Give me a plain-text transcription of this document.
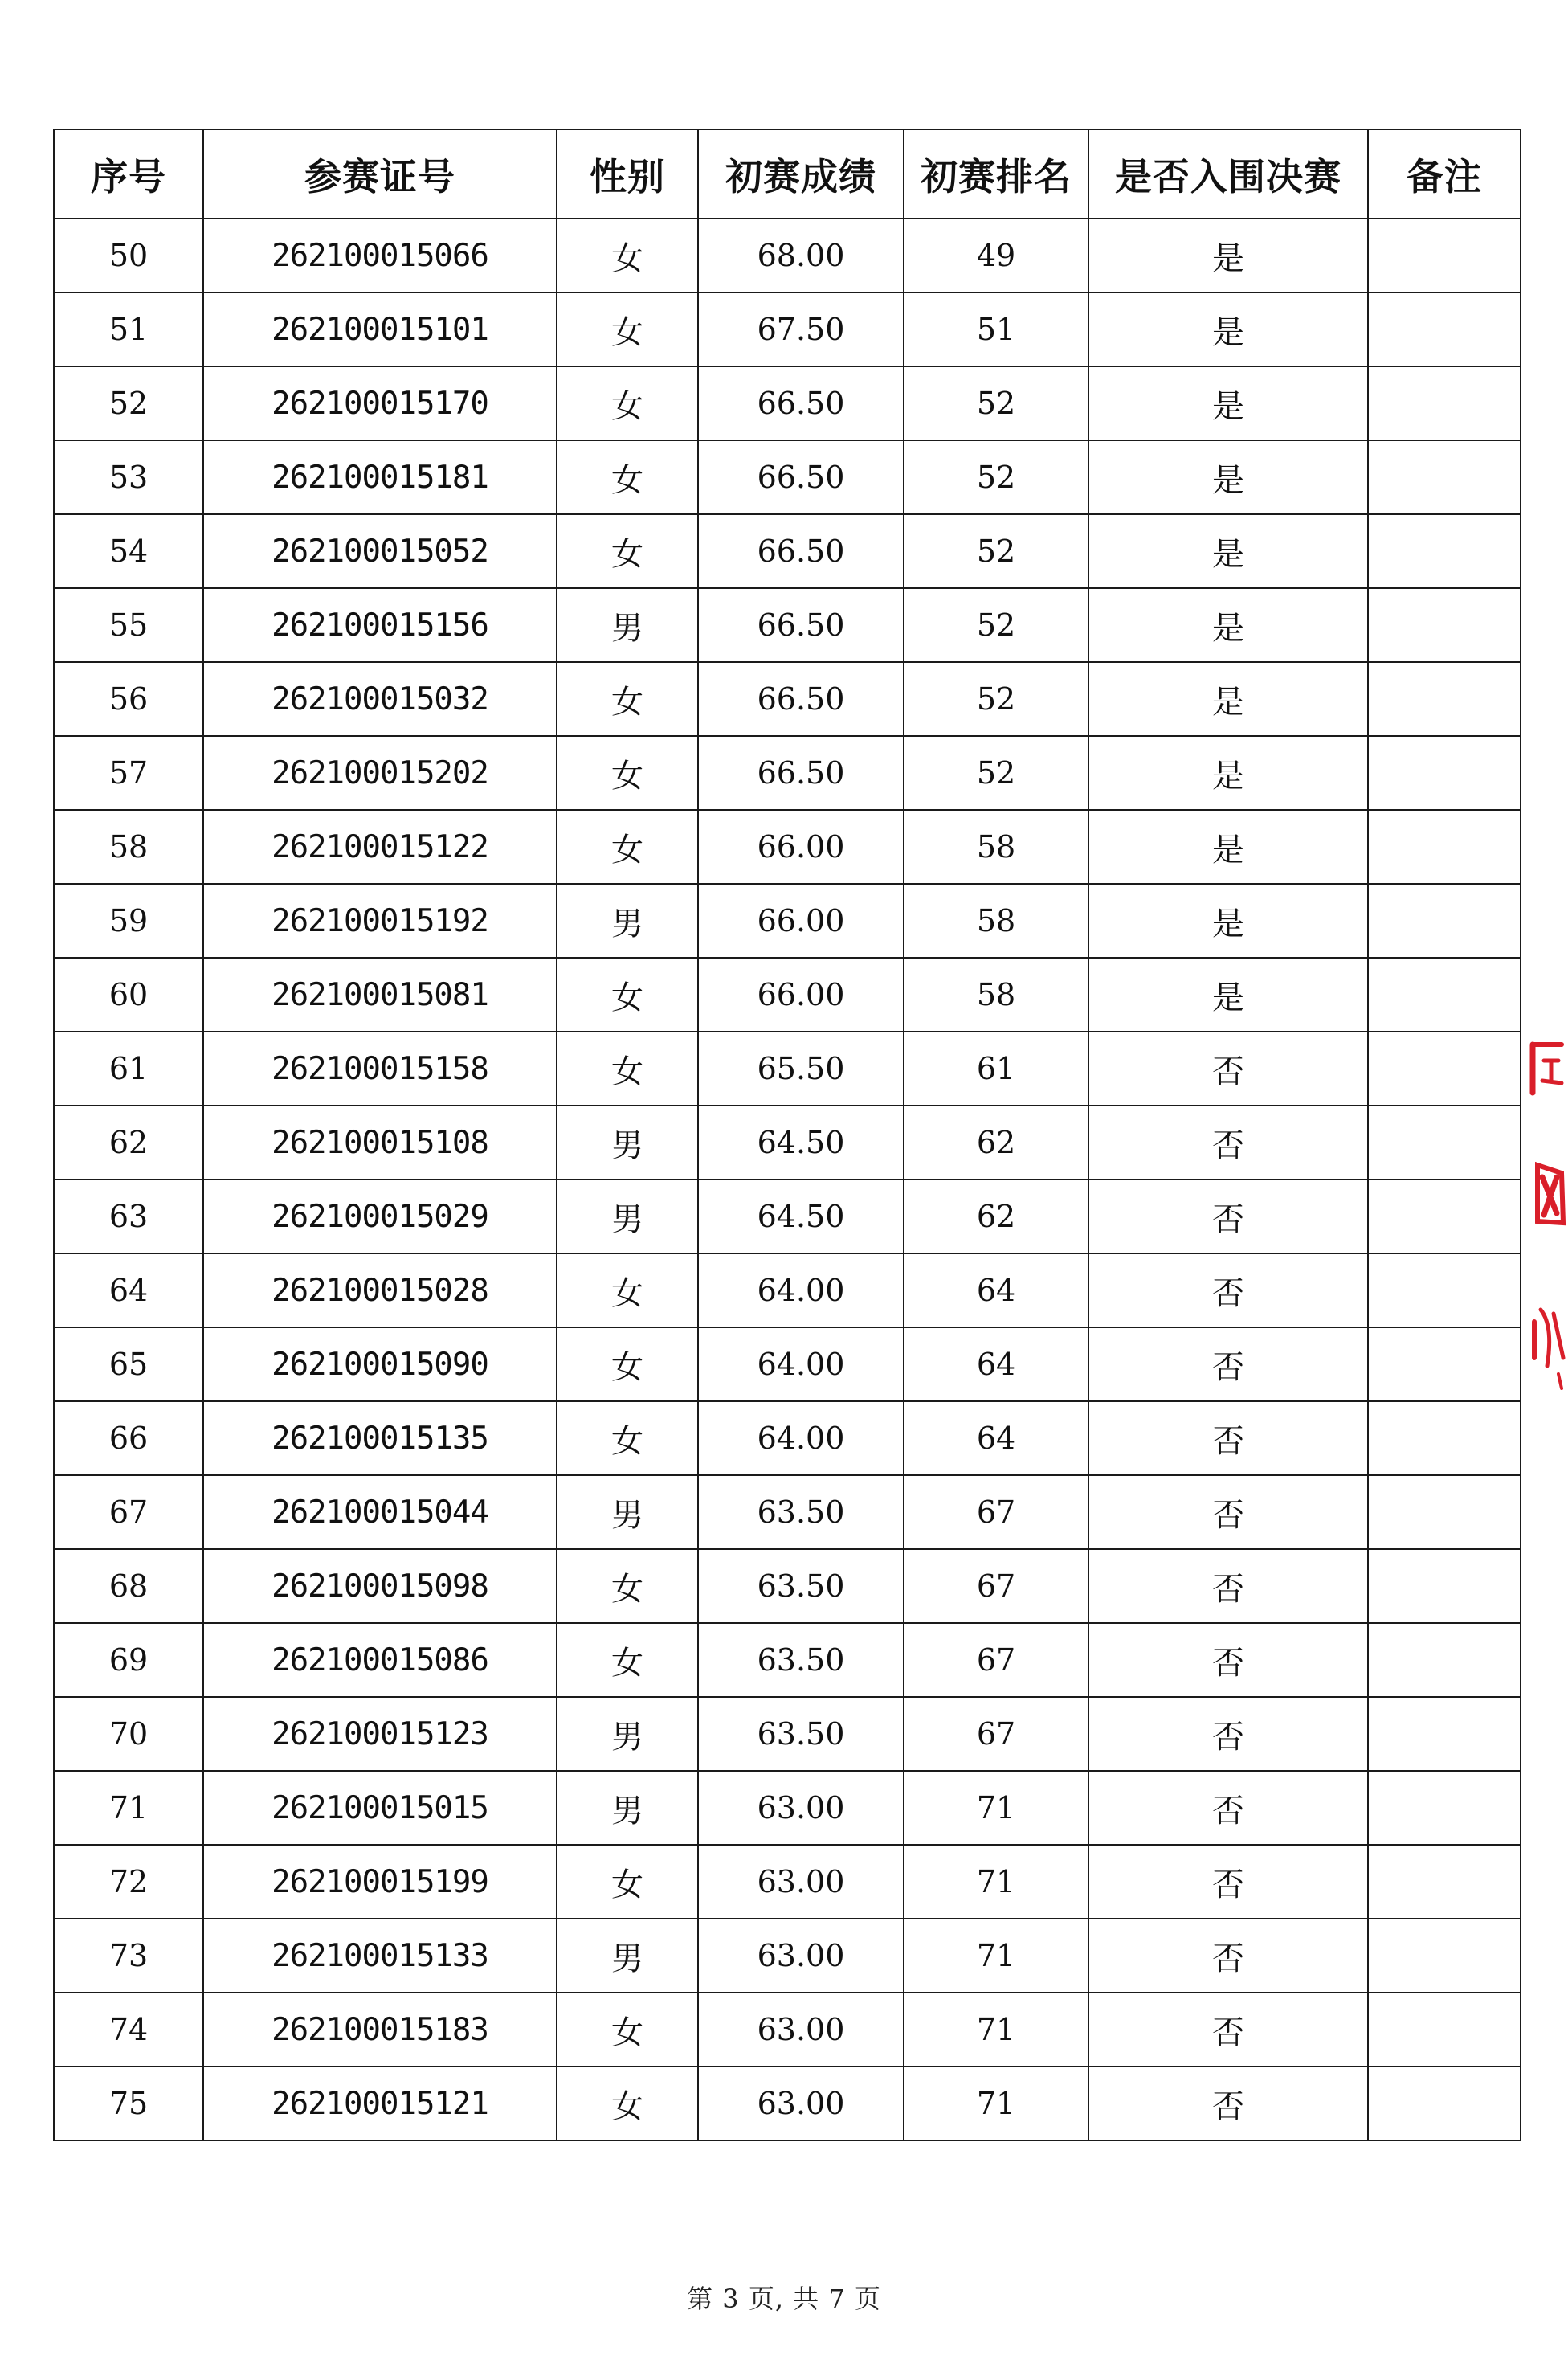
序号	参赛证号	性别	初赛成绩	初赛排名	是否入围决赛	备注
50	262100015066	女	68.00	49	是	
51	262100015101	女	67.50	51	是	
52	262100015170	女	66.50	52	是	
53	262100015181	女	66.50	52	是	
54	262100015052	女	66.50	52	是	
55	262100015156	男	66.50	52	是	
56	262100015032	女	66.50	52	是	
57	262100015202	女	66.50	52	是	
58	262100015122	女	66.00	58	是	
59	262100015192	男	66.00	58	是	
60	262100015081	女	66.00	58	是	
61	262100015158	女	65.50	61	否	
62	262100015108	男	64.50	62	否	
63	262100015029	男	64.50	62	否	
64	262100015028	女	64.00	64	否	
65	262100015090	女	64.00	64	否	
66	262100015135	女	64.00	64	否	
67	262100015044	男	63.50	67	否	
68	262100015098	女	63.50	67	否	
69	262100015086	女	63.50	67	否	
70	262100015123	男	63.50	67	否	
71	262100015015	男	63.00	71	否	
72	262100015199	女	63.00	71	否	
73	262100015133	男	63.00	71	否	
74	262100015183	女	63.00	71	否	
75	262100015121	女	63.00	71	否	
第 3 页, 共 7 页
